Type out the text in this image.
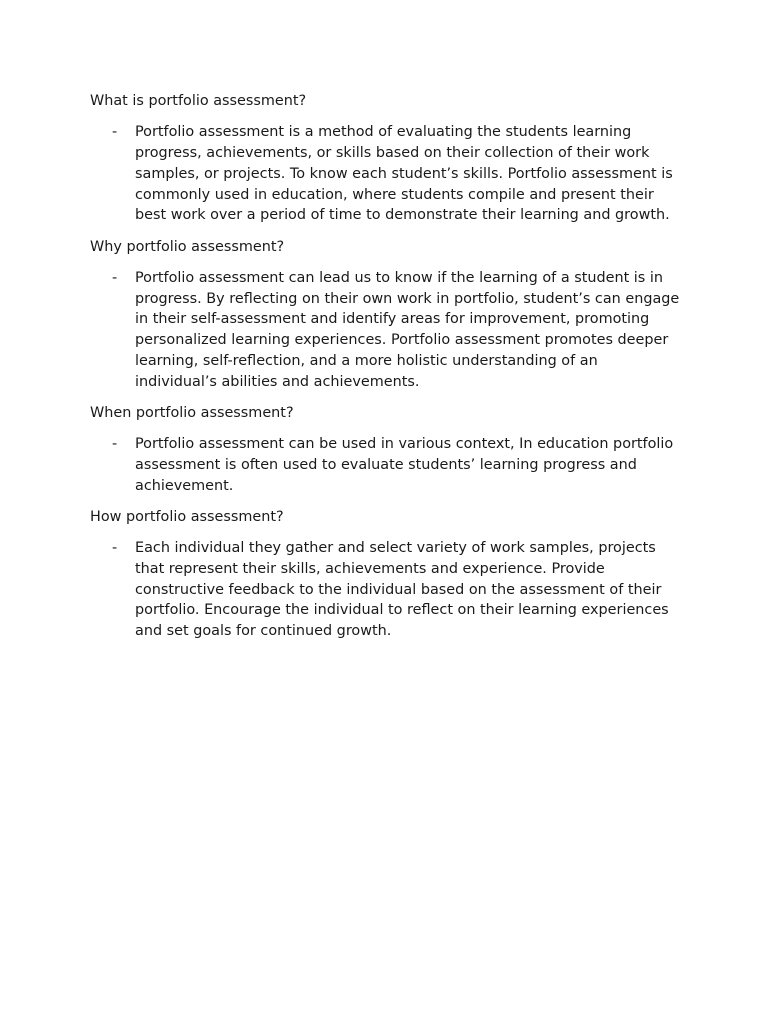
What is portfolio assessment?

- Portfolio assessment is a method of evaluating the students learning progress, achievements, or skills based on their collection of their work samples, or projects. To know each student’s skills. Portfolio assessment is commonly used in education, where students compile and present their best work over a period of time to demonstrate their learning and growth.

Why portfolio assessment?

- Portfolio assessment can lead us to know if the learning of a student is in progress. By reflecting on their own work in portfolio, student’s can engage in their self-assessment and identify areas for improvement, promoting personalized learning experiences. Portfolio assessment promotes deeper learning, self-reflection, and a more holistic understanding of an individual’s abilities and achievements.

When portfolio assessment?

- Portfolio assessment can be used in various context, In education portfolio assessment is often used to evaluate students’ learning progress and achievement.

How portfolio assessment?

- Each individual they gather and select variety of work samples, projects that represent their skills, achievements and experience. Provide constructive feedback to the individual based on the assessment of their portfolio. Encourage the individual to reflect on their learning experiences and set goals for continued growth.
